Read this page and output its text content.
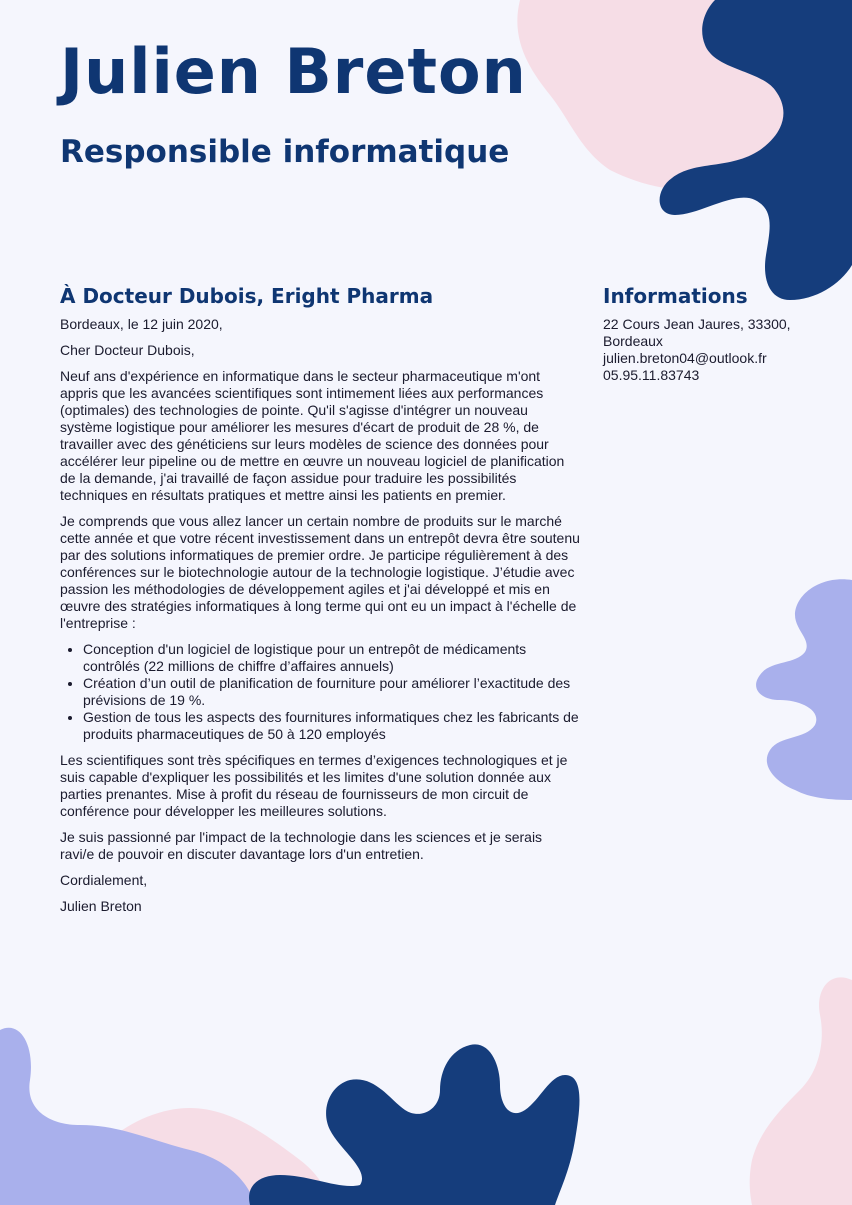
Julien Breton
Responsible informatique
À Docteur Dubois, Eright Pharma

Bordeaux, le 12 juin 2020,

Cher Docteur Dubois,

Neuf ans d'expérience en informatique dans le secteur pharmaceutique m'ont appris que les avancées scientifiques sont intimement liées aux performances (optimales) des technologies de pointe. Qu'il s'agisse d'intégrer un nouveau système logistique pour améliorer les mesures d'écart de produit de 28 %, de travailler avec des généticiens sur leurs modèles de science des données pour accélérer leur pipeline ou de mettre en œuvre un nouveau logiciel de planification de la demande, j'ai travaillé de façon assidue pour traduire les possibilités techniques en résultats pratiques et mettre ainsi les patients en premier.

Je comprends que vous allez lancer un certain nombre de produits sur le marché cette année et que votre récent investissement dans un entrepôt devra être soutenu par des solutions informatiques de premier ordre. Je participe régulièrement à des conférences sur le biotechnologie autour de la technologie logistique. J’étudie avec passion les méthodologies de développement agiles et j'ai développé et mis en œuvre des stratégies informatiques à long terme qui ont eu un impact à l'échelle de l'entreprise :

• Conception d'un logiciel de logistique pour un entrepôt de médicaments contrôlés (22 millions de chiffre d’affaires annuels)
• Création d’un outil de planification de fourniture pour améliorer l’exactitude des prévisions de 19 %.
• Gestion de tous les aspects des fournitures informatiques chez les fabricants de produits pharmaceutiques de 50 à 120 employés

Les scientifiques sont très spécifiques en termes d’exigences technologiques et je suis capable d'expliquer les possibilités et les limites d'une solution donnée aux parties prenantes. Mise à profit du réseau de fournisseurs de mon circuit de conférence pour développer les meilleures solutions.

Je suis passionné par l'impact de la technologie dans les sciences et je serais ravi/e de pouvoir en discuter davantage lors d'un entretien.

Cordialement,

Julien Breton

Informations
22 Cours Jean Jaures, 33300, Bordeaux
julien.breton04@outlook.fr
05.95.11.83743
